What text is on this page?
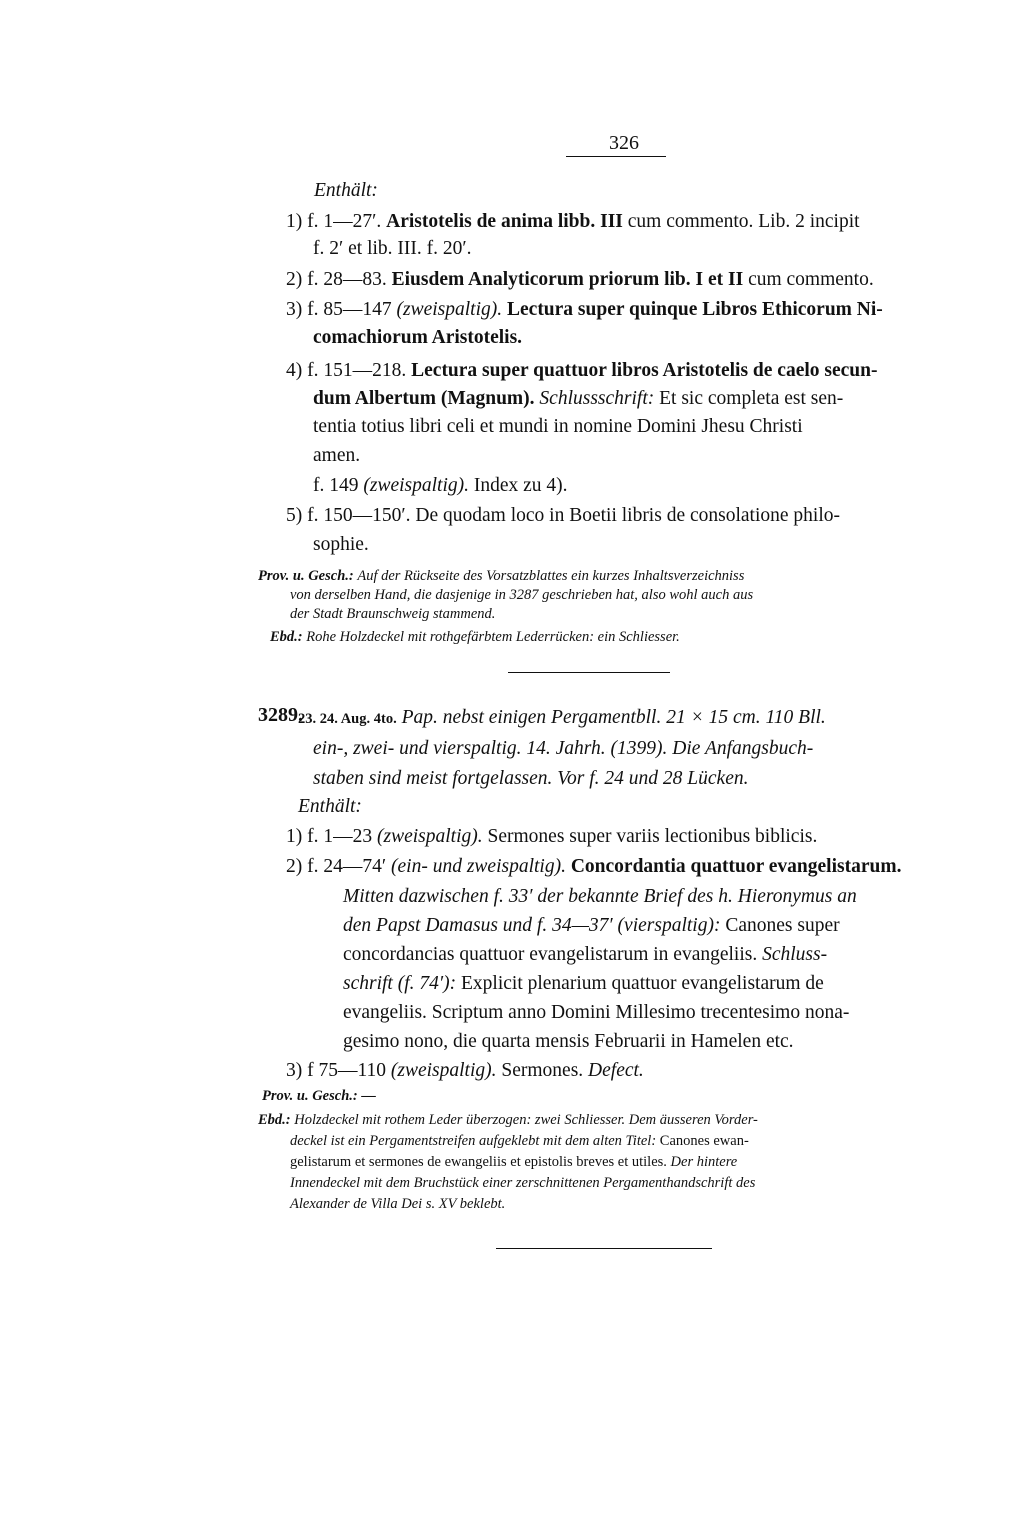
326
Enthält:
1) f. 1—27′. Aristotelis de anima libb. III cum commento. Lib. 2 incipit
f. 2′ et lib. III. f. 20′.
2) f. 28—83. Eiusdem Analyticorum priorum lib. I et II cum commento.
3) f. 85—147 (zweispaltig). Lectura super quinque Libros Ethicorum Ni-
comachiorum Aristotelis.
4) f. 151—218. Lectura super quattuor libros Aristotelis de caelo secun-
dum Albertum (Magnum). Schlussschrift: Et sic completa est sen-
tentia totius libri celi et mundi in nomine Domini Jhesu Christi
amen.
f. 149 (zweispaltig). Index zu 4).
5) f. 150—150′. De quodam loco in Boetii libris de consolatione philo-
sophie.
Prov. u. Gesch.: Auf der Rückseite des Vorsatzblattes ein kurzes Inhaltsverzeichniss
von derselben Hand, die dasjenige in 3287 geschrieben hat, also wohl auch aus
der Stadt Braunschweig stammend.
Ebd.: Rohe Holzdeckel mit rothgefärbtem Lederrücken: ein Schliesser.
3289.
23. 24. Aug. 4to. Pap. nebst einigen Pergamentbll. 21 × 15 cm. 110 Bll.
ein-, zwei- und vierspaltig. 14. Jahrh. (1399). Die Anfangsbuch-
staben sind meist fortgelassen. Vor f. 24 und 28 Lücken.
Enthält:
1) f. 1—23 (zweispaltig). Sermones super variis lectionibus biblicis.
2) f. 24—74′ (ein- und zweispaltig). Concordantia quattuor evangelistarum.
Mitten dazwischen f. 33′ der bekannte Brief des h. Hieronymus an
den Papst Damasus und f. 34—37′ (vierspaltig): Canones super
concordancias quattuor evangelistarum in evangeliis. Schluss-
schrift (f. 74′): Explicit plenarium quattuor evangelistarum de
evangeliis. Scriptum anno Domini Millesimo trecentesimo nona-
gesimo nono, die quarta mensis Februarii in Hamelen etc.
3) f 75—110 (zweispaltig). Sermones. Defect.
Prov. u. Gesch.: —
Ebd.: Holzdeckel mit rothem Leder überzogen: zwei Schliesser. Dem äusseren Vorder-
deckel ist ein Pergamentstreifen aufgeklebt mit dem alten Titel: Canones ewan-
gelistarum et sermones de ewangeliis et epistolis breves et utiles. Der hintere
Innendeckel mit dem Bruchstück einer zerschnittenen Pergamenthandschrift des
Alexander de Villa Dei s. XV beklebt.
